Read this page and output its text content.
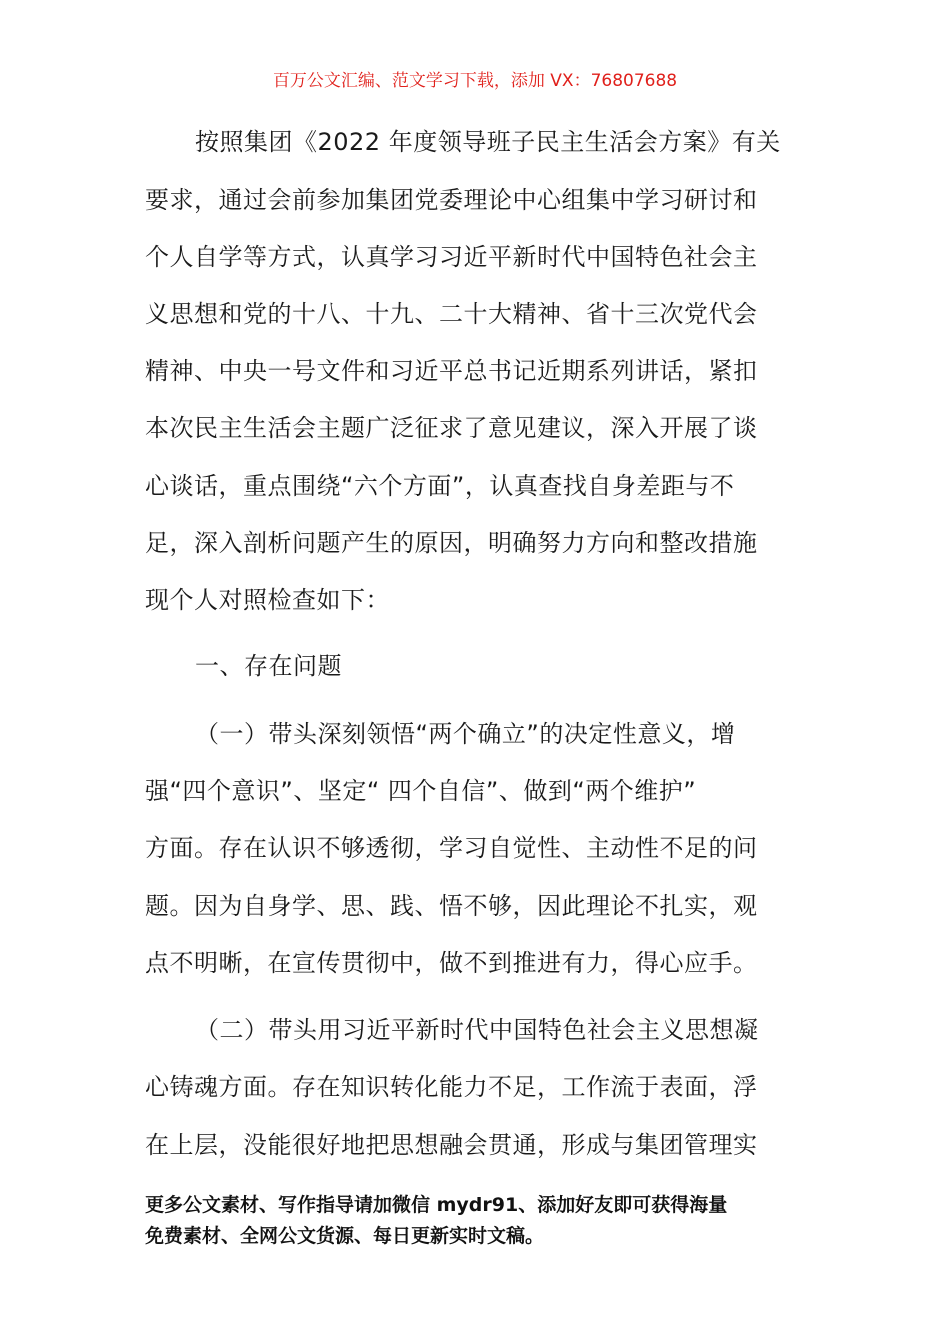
百万公文汇编、范文学习下载，添加 VX：76807688
按照集团《2022 年度领导班子民主生活会方案》有关
要求，通过会前参加集团党委理论中心组集中学习研讨和
个人自学等方式，认真学习习近平新时代中国特色社会主
义思想和党的十八、十九、二十大精神、省十三次党代会
精神、中央一号文件和习近平总书记近期系列讲话，紧扣
本次民主生活会主题广泛征求了意见建议，深入开展了谈
心谈话，重点围绕“六个方面”，认真查找自身差距与不
足，深入剖析问题产生的原因，明确努力方向和整改措施
现个人对照检查如下：
一、存在问题
（一）带头深刻领悟“两个确立”的决定性意义，增
强“四个意识”、坚定“ 四个自信”、做到“两个维护”
方面。存在认识不够透彻，学习自觉性、主动性不足的问
题。因为自身学、思、践、悟不够，因此理论不扎实，观
点不明晰，在宣传贯彻中，做不到推进有力，得心应手。
（二）带头用习近平新时代中国特色社会主义思想凝
心铸魂方面。存在知识转化能力不足，工作流于表面，浮
在上层，没能很好地把思想融会贯通，形成与集团管理实
更多公文素材、写作指导请加微信 mydr91、添加好友即可获得海量
免费素材、全网公文货源、每日更新实时文稿。
